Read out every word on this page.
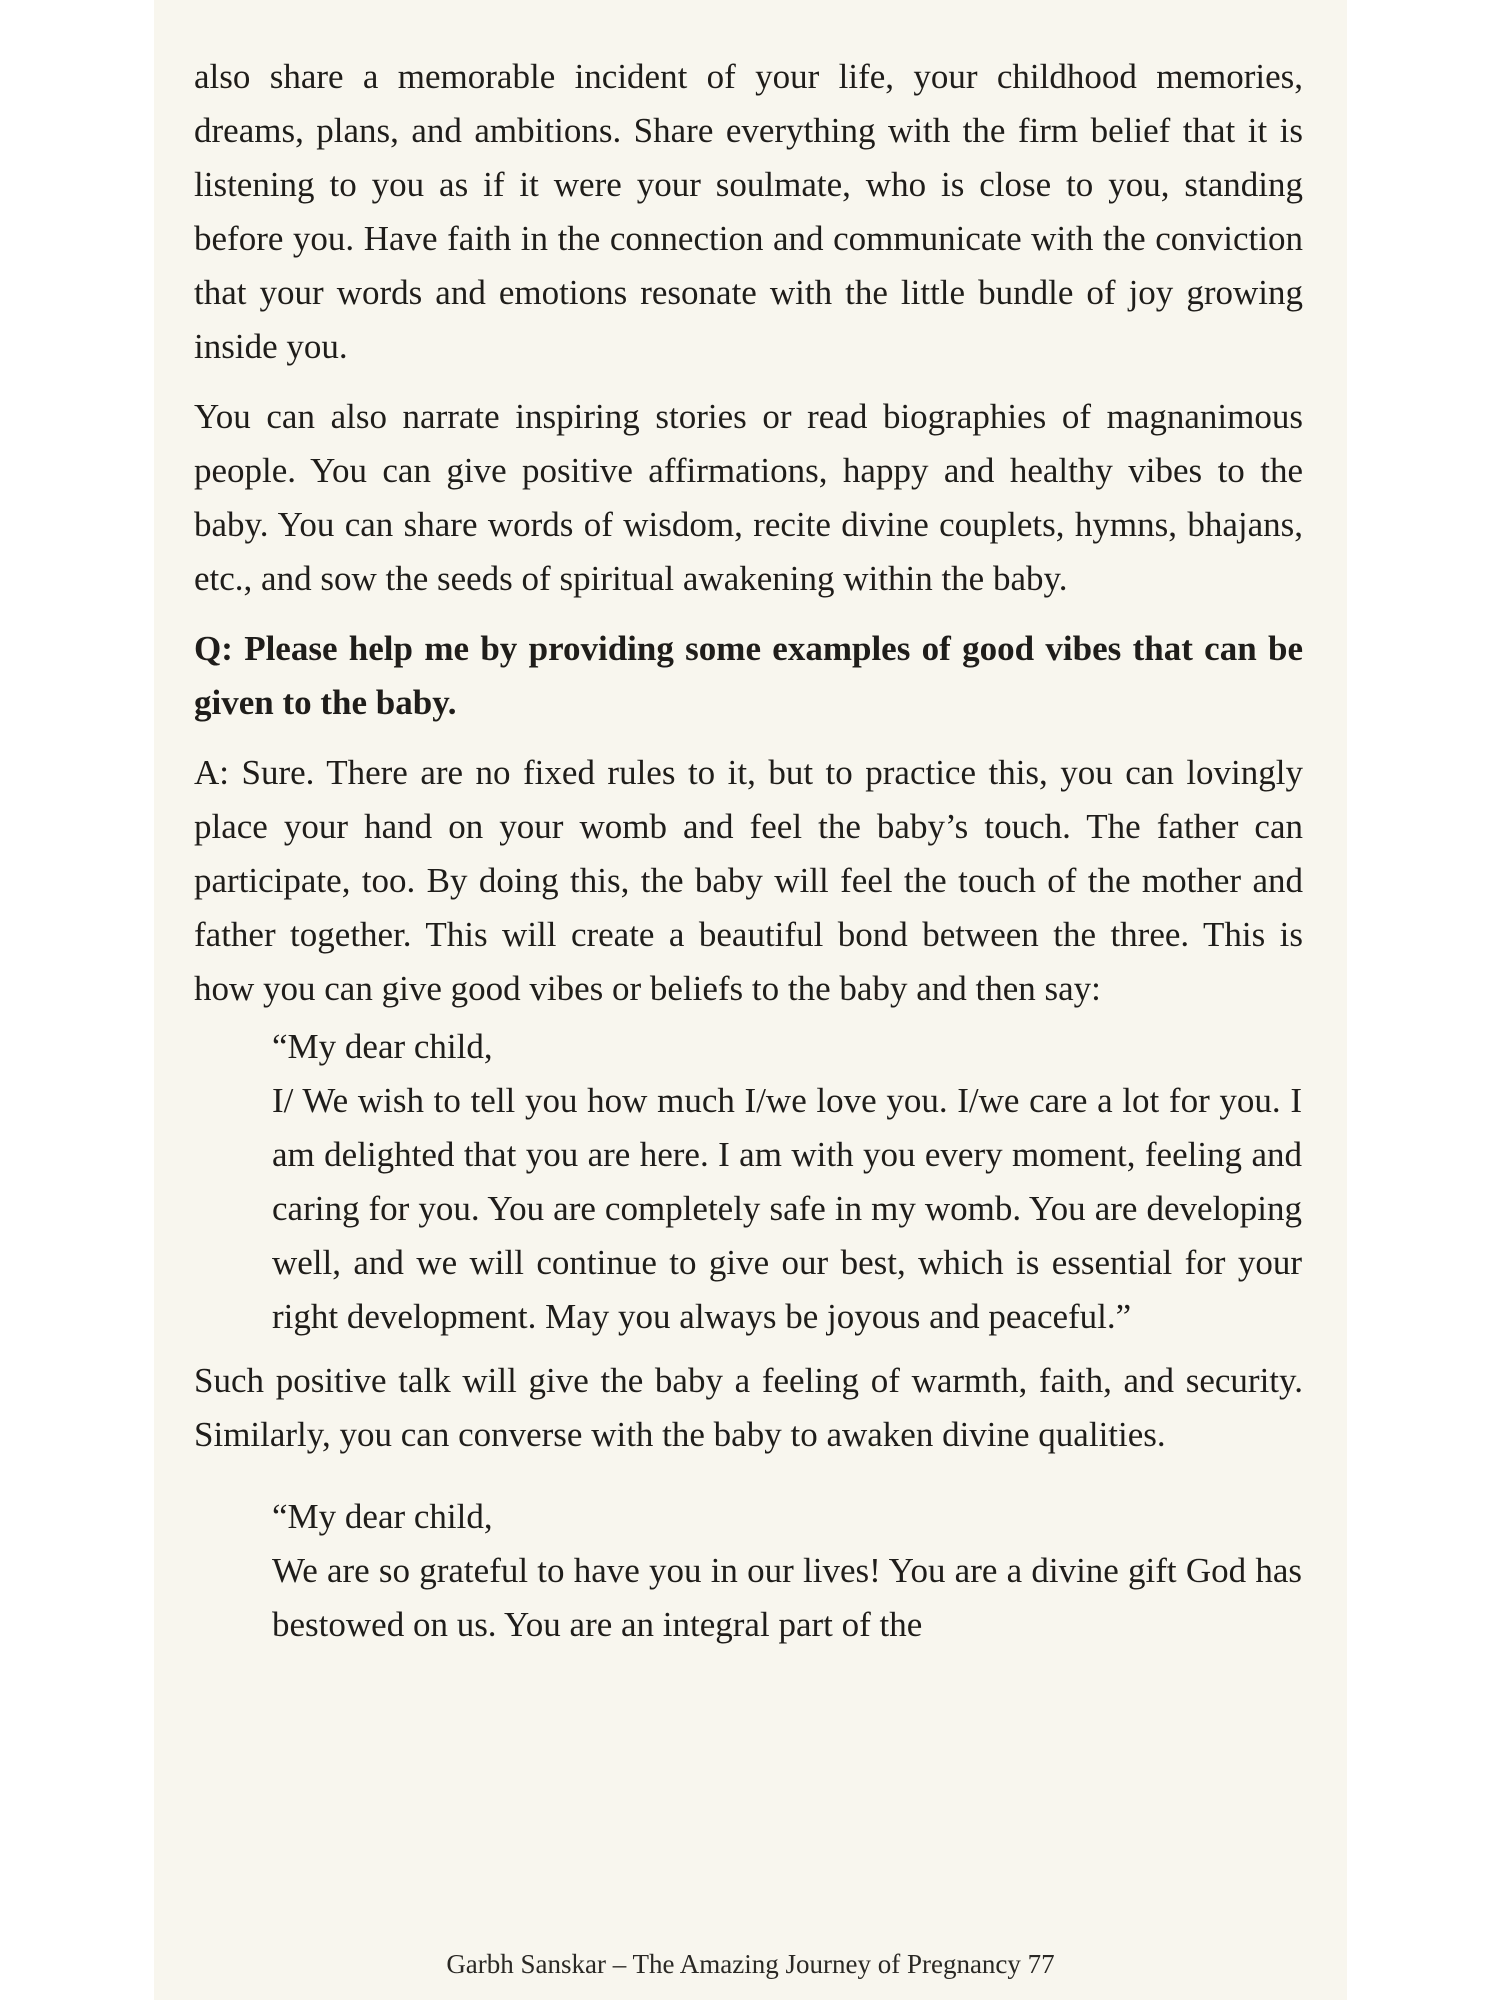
also share a memorable incident of your life, your childhood memories, dreams, plans, and ambitions. Share everything with the firm belief that it is listening to you as if it were your soulmate, who is close to you, standing before you. Have faith in the connection and communicate with the conviction that your words and emotions resonate with the little bundle of joy growing inside you.

You can also narrate inspiring stories or read biographies of magnanimous people. You can give positive affirmations, happy and healthy vibes to the baby. You can share words of wisdom, recite divine couplets, hymns, bhajans, etc., and sow the seeds of spiritual awakening within the baby.

Q: Please help me by providing some examples of good vibes that can be given to the baby.

A: Sure. There are no fixed rules to it, but to practice this, you can lovingly place your hand on your womb and feel the baby’s touch. The father can participate, too. By doing this, the baby will feel the touch of the mother and father together. This will create a beautiful bond between the three. This is how you can give good vibes or beliefs to the baby and then say:

“My dear child,
I/ We wish to tell you how much I/we love you. I/we care a lot for you. I am delighted that you are here. I am with you every moment, feeling and caring for you. You are completely safe in my womb. You are developing well, and we will continue to give our best, which is essential for your right development. May you always be joyous and peaceful.”

Such positive talk will give the baby a feeling of warmth, faith, and security. Similarly, you can converse with the baby to awaken divine qualities.

“My dear child,
We are so grateful to have you in our lives! You are a divine gift God has bestowed on us. You are an integral part of the
Garbh Sanskar – The Amazing Journey of Pregnancy 77
